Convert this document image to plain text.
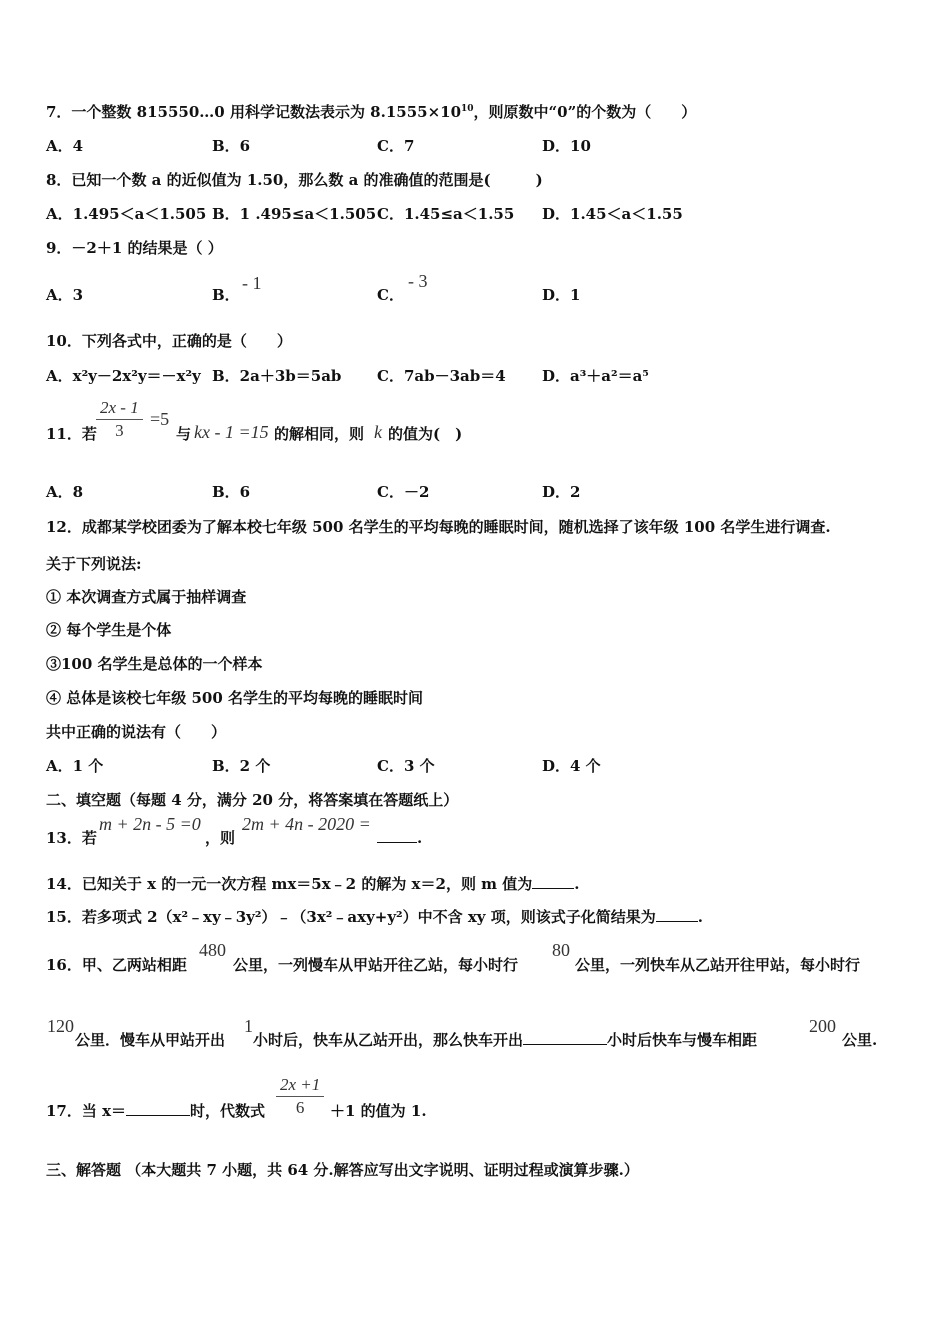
7．一个整数 815550…0 用科学记数法表示为 $8.1555\times 10^{10}$，则原数中“0”的个数为（　　）
A．4	B．6	C．7	D．10
8．已知一个数 a 的近似值为 1.50，那么数 a 的准确值的范围是(　　　)
A．1.495＜a＜1.505 B．1 .495≤a＜1.505 C．1.45≤a＜1.55 D．1.45＜a＜1.55
9．－2＋1 的结果是（ ）
A．3	B．
- 1
C．
- 3
D．1
10．下列各式中，正确的是（　　）
A．x²y－2x²y＝－x²y B．2a＋3b＝5ab C．7ab－3ab＝4 D．a³＋a²＝a⁵
11．若 $\frac{2x - 1}{3} =5$
与 kx - 1 =15 的解相同，则 k 的值为(　)
A．8	B．6	C．－2	D．2
12．成都某学校团委为了解本校七年级 500 名学生的平均每晚的睡眠时间，随机选择了该年级 100 名学生进行调查.
关于下列说法:
① 本次调查方式属于抽样调查
② 每个学生是个体
③100 名学生是总体的一个样本
④ 总体是该校七年级 500 名学生的平均每晚的睡眠时间
共中正确的说法有（　　）
A．1 个	B．2 个	C．3 个	D．4 个
二、填空题（每题 4 分，满分 20 分，将答案填在答题纸上）
13．若
m + 2n - 5 =0
，则
2m + 4n - 2020 =
.
14．已知关于 x 的一元一次方程 mx＝5x﹣2 的解为 x＝2，则 m 值为	.
15．若多项式 2（x²﹣xy﹣3y²）﹣（3x²﹣axy+y²）中不含 xy 项，则该式子化简结果为	.
16．甲、乙两站相距
480
公里，一列慢车从甲站开往乙站，每小时行
80
公里，一列快车从乙站开往甲站，每小时行
120
公里．慢车从甲站开出
1
小时后，快车从乙站开出，那么快车开出	小时后快车与慢车相距
200
公里.
17．当 x＝	时，代数式 $\frac{2x +1}{6} +1$ 的值为 1.
三、解答题 （本大题共 7 小题，共 64 分.解答应写出文字说明、证明过程或演算步骤.）
